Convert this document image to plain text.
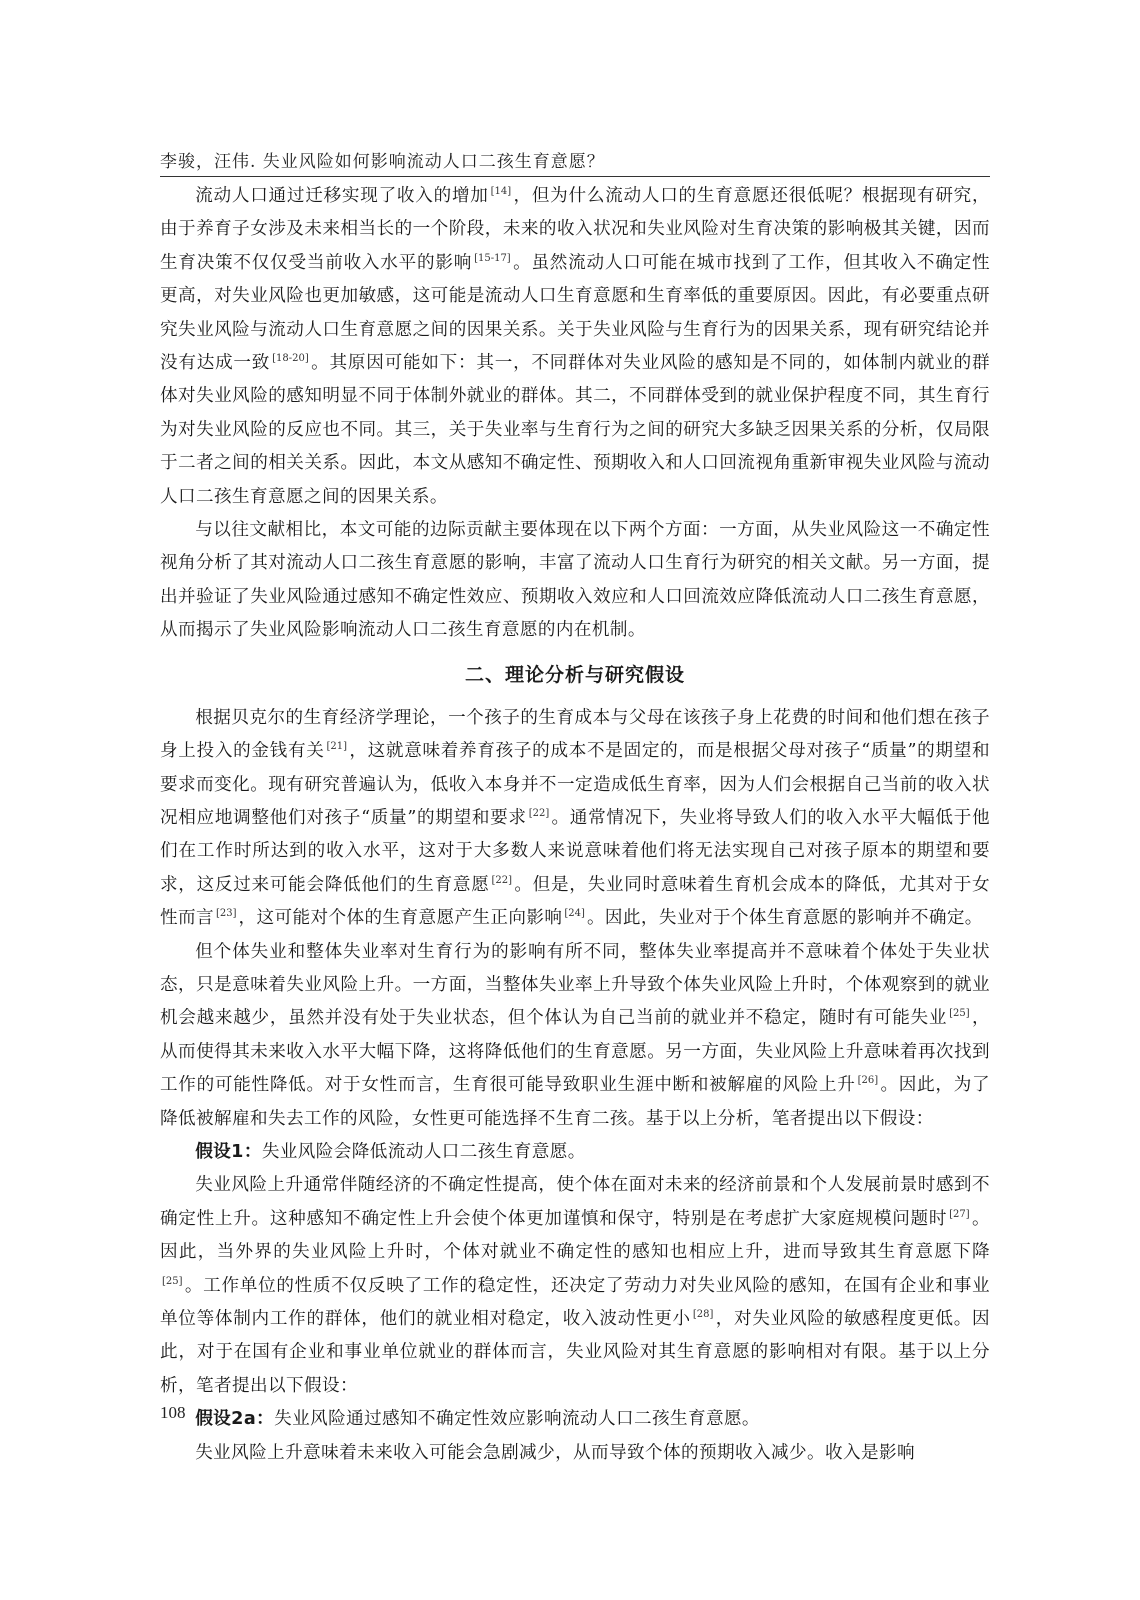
李骏，汪伟. 失业风险如何影响流动人口二孩生育意愿？

流动人口通过迁移实现了收入的增加 [14] ，但为什么流动人口的生育意愿还很低呢？根据现有研究，由于养育子女涉及未来相当长的一个阶段，未来的收入状况和失业风险对生育决策的影响极其关键，因而生育决策不仅仅受当前收入水平的影响 [15-17] 。虽然流动人口可能在城市找到了工作，但其收入不确定性更高，对失业风险也更加敏感，这可能是流动人口生育意愿和生育率低的重要原因。因此，有必要重点研究失业风险与流动人口生育意愿之间的因果关系。关于失业风险与生育行为的因果关系，现有研究结论并没有达成一致 [18-20] 。其原因可能如下：其一，不同群体对失业风险的感知是不同的，如体制内就业的群体对失业风险的感知明显不同于体制外就业的群体。其二，不同群体受到的就业保护程度不同，其生育行为对失业风险的反应也不同。其三，关于失业率与生育行为之间的研究大多缺乏因果关系的分析，仅局限于二者之间的相关关系。因此，本文从感知不确定性、预期收入和人口回流视角重新审视失业风险与流动人口二孩生育意愿之间的因果关系。

与以往文献相比，本文可能的边际贡献主要体现在以下两个方面：一方面，从失业风险这一不确定性视角分析了其对流动人口二孩生育意愿的影响，丰富了流动人口生育行为研究的相关文献。另一方面，提出并验证了失业风险通过感知不确定性效应、预期收入效应和人口回流效应降低流动人口二孩生育意愿，从而揭示了失业风险影响流动人口二孩生育意愿的内在机制。

二、理论分析与研究假设

根据贝克尔的生育经济学理论，一个孩子的生育成本与父母在该孩子身上花费的时间和他们想在孩子身上投入的金钱有关 [21] ，这就意味着养育孩子的成本不是固定的，而是根据父母对孩子“质量”的期望和要求而变化。现有研究普遍认为，低收入本身并不一定造成低生育率，因为人们会根据自己当前的收入状况相应地调整他们对孩子“质量”的期望和要求 [22] 。通常情况下，失业将导致人们的收入水平大幅低于他们在工作时所达到的收入水平，这对于大多数人来说意味着他们将无法实现自己对孩子原本的期望和要求，这反过来可能会降低他们的生育意愿 [22] 。但是，失业同时意味着生育机会成本的降低，尤其对于女性而言 [23] ，这可能对个体的生育意愿产生正向影响 [24] 。因此，失业对于个体生育意愿的影响并不确定。

但个体失业和整体失业率对生育行为的影响有所不同，整体失业率提高并不意味着个体处于失业状态，只是意味着失业风险上升。一方面，当整体失业率上升导致个体失业风险上升时，个体观察到的就业机会越来越少，虽然并没有处于失业状态，但个体认为自己当前的就业并不稳定，随时有可能失业 [25] ，从而使得其未来收入水平大幅下降，这将降低他们的生育意愿。另一方面，失业风险上升意味着再次找到工作的可能性降低。对于女性而言，生育很可能导致职业生涯中断和被解雇的风险上升 [26] 。因此，为了降低被解雇和失去工作的风险，女性更可能选择不生育二孩。基于以上分析，笔者提出以下假设：

假设1：失业风险会降低流动人口二孩生育意愿。

失业风险上升通常伴随经济的不确定性提高，使个体在面对未来的经济前景和个人发展前景时感到不确定性上升。这种感知不确定性上升会使个体更加谨慎和保守，特别是在考虑扩大家庭规模问题时 [27] 。因此，当外界的失业风险上升时，个体对就业不确定性的感知也相应上升，进而导致其生育意愿下降[25] 。工作单位的性质不仅反映了工作的稳定性，还决定了劳动力对失业风险的感知，在国有企业和事业单位等体制内工作的群体，他们的就业相对稳定，收入波动性更小 [28] ，对失业风险的敏感程度更低。因此，对于在国有企业和事业单位就业的群体而言，失业风险对其生育意愿的影响相对有限。基于以上分析，笔者提出以下假设：

假设2a：失业风险通过感知不确定性效应影响流动人口二孩生育意愿。

失业风险上升意味着未来收入可能会急剧减少，从而导致个体的预期收入减少。收入是影响

108
